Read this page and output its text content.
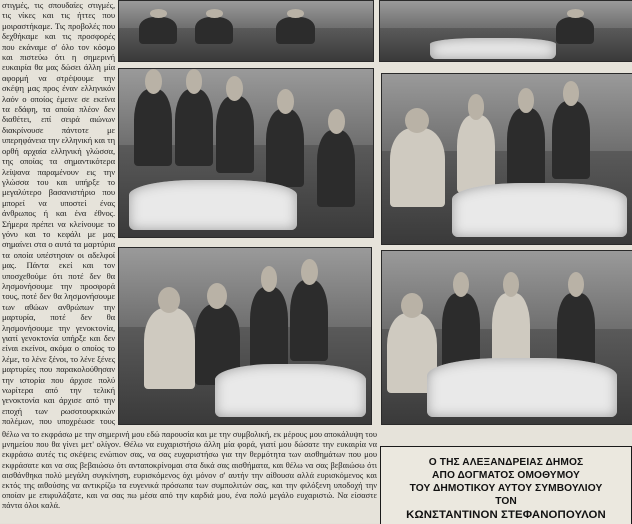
στιγμές, τις σπουδαίες στιγμές, τις νίκες και τις ήττες που μοιραστήκαμε. Τις προβολές που δεχθήκαμε και τις προσφορές που εκάναμε σ' όλο τον κόσμο και πιστεύω ότι η σημερινή ευκαιρία θα μας δώσει άλλη μία αφορμή να στρέψουμε την σκέψη μας προς έναν ελληνικόν λαόν ο οποίος έμεινε σε εκείνα τα εδάφη, τα οποία πλέον δεν διαθέτει, επί σειρά αιώνων διακρίνουσε πάντοτε με υπερηφάνεια την ελληνική και τη ορθή αρχαία ελληνική γλώσσα, της οποίας τα σημαντικότερα λείψανα παραμένουν εις την γλώσσα του και υπήρξε το μεγαλύτερο βασανιστήριο που μπορεί να υποστεί ένας άνθρωπος ή και ένα έθνος. Σήμερα πρέπει να κλείνουμε το γόνυ και το κεφάλι με μας σημαίνει στα ο αυτά τα μαρτύρια τα οποία υπέστησαν οι αδελφοί μας. Πάντα εκεί και τον υποσχεθούμε ότι ποτέ δεν θα λησμονήσουμε την προσφορά τους, ποτέ δεν θα λησμονήσουμε των αθώων ανθρώπων την μαρτυρία, ποτέ δεν θα λησμονήσουμε την γενοκτονία, γιατί γενοκτονία υπήρξε και δεν είναι εκείνοι, ακόμα ο οποίος το λέμε, το λένε ξένοι, το λένε ξένες μαρτυρίες που παρακολούθησαν την ιστορία που άρχισε πολύ νωρίτερα από την τελική γενοκτονία και άρχισε από την εποχή των ρωσοτουρκικών πολέμων, που υποχρέωσε τους

θέλω να το εκφράσω με την σημερινή μου εδώ παρουσία και με την συμβολική, εκ μέρους μου αποκάλυψη του μνημείου που θα γίνει μετ' ολίγον. Θέλω να ευχαριστήσω άλλη μία φορά, γιατί μου δώσατε την ευκαιρία να εκφράσω αυτές τις σκέψεις ενώπιον σας, να σας ευχαριστήσω για την θερμότητα των αισθημάτων που μου εκφράσατε και να σας βεβαιώσω ότι ανταποκρίνομαι στα δικά σας αισθήματα, και θέλω να σας βεβαιώσω ότι αισθάνθηκα πολύ μεγάλη συγκίνηση, ευρισκόμενος όχι μόνον σ' αυτήν την αίθουσα αλλά ευρισκόμενος και εκτός της αιθούσης να αντικρίζω τα ευγενικά πρόσωπα των συμπολιτών σας, και την φιλόξενη υποδοχή την οποίαν με επιφυλάξατε, και να σας πω μέσα από την καρδιά μου, ένα πολύ μεγάλο ευχαριστώ. Να είσαστε πάντα όλοι καλά.

Ο ΤΗΣ ΑΛΕΞΑΝΔΡΕΙΑΣ ΔΗΜΟΣ
ΑΠΟ ΔΟΓΜΑΤΟΣ ΟΜΟΘΥΜΟΥ
ΤΟΥ ΔΗΜΟΤΙΚΟΥ ΑΥΤΟΥ ΣΥΜΒΟΥΛΙΟΥ
ΤΟΝ
ΚΩΝΣΤΑΝΤΙΝΟΝ ΣΤΕΦΑΝΟΠΟΥΛΟΝ
